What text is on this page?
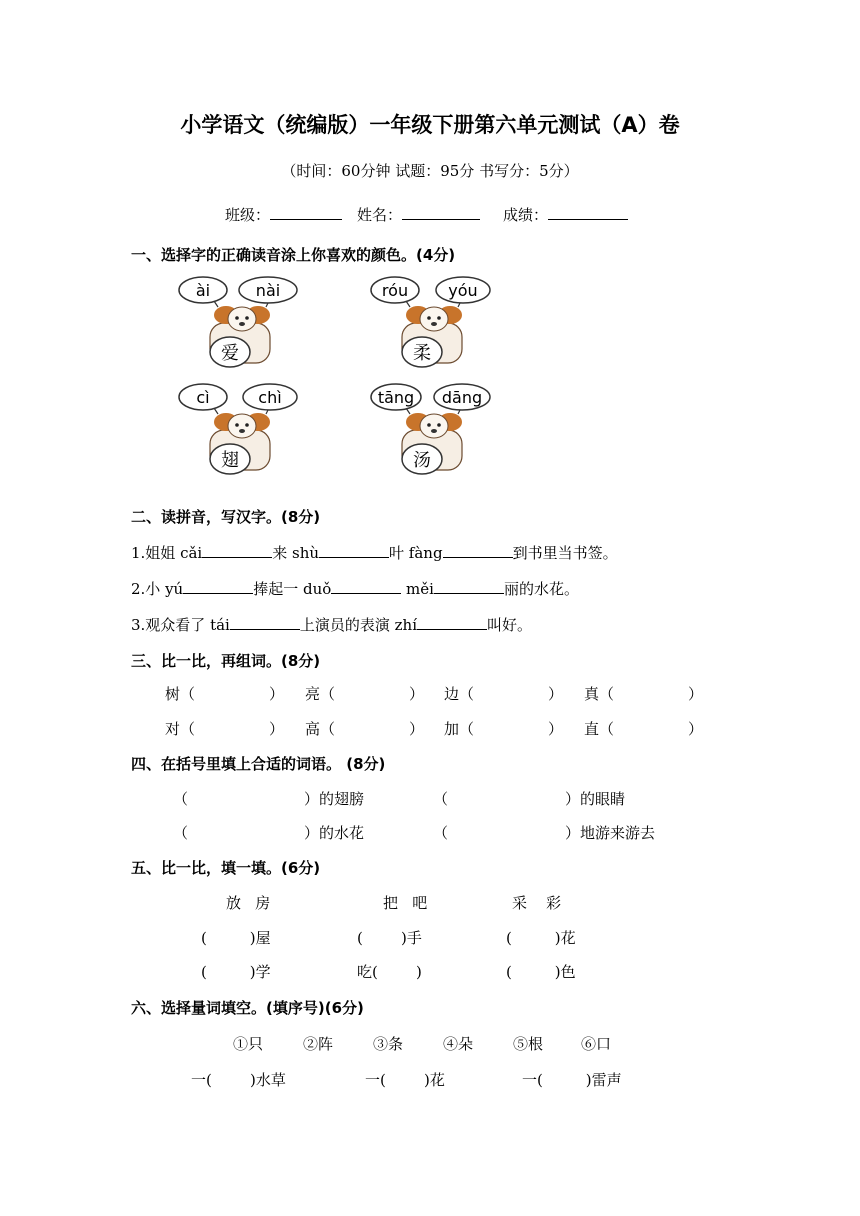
小学语文（统编版）一年级下册第六单元测试（A）卷
（时间：60分钟 试题：95分 书写分：5分）
班级：	姓名：	成绩：
一、选择字的正确读音涂上你喜欢的颜色。(4分)
ài	nài
爱
róu	yóu
柔
cì	chì
翅
tāng dāng
汤
二、读拼音，写汉字。(8分)
1.姐姐 cǎi	来 shù	叶 fàng	到书里当书签。
2.小 yú	捧起一 duǒ	měi	丽的水花。
3.观众看了 tái	上演员的表演 zhí	叫好。
三、比一比，再组词。(8分)
树（	） 亮（	） 边（	） 真（	）
对（	） 高（	） 加（	） 直（	）
四、在括号里填上合适的词语。 (8分)
（	）的翅膀	（	）的眼睛
（	）的水花	（	）地游来游去
五、比一比，填一填。(6分)
放   房	把   吧	采    彩
(         )屋	(        )手	(         )花
(         )学	吃(        )	(         )色
六、选择量词填空。(填序号)(6分)
①只	②阵	③条	④朵	⑤根	⑥口
一(        )水草	一(        )花	一(         )雷声
